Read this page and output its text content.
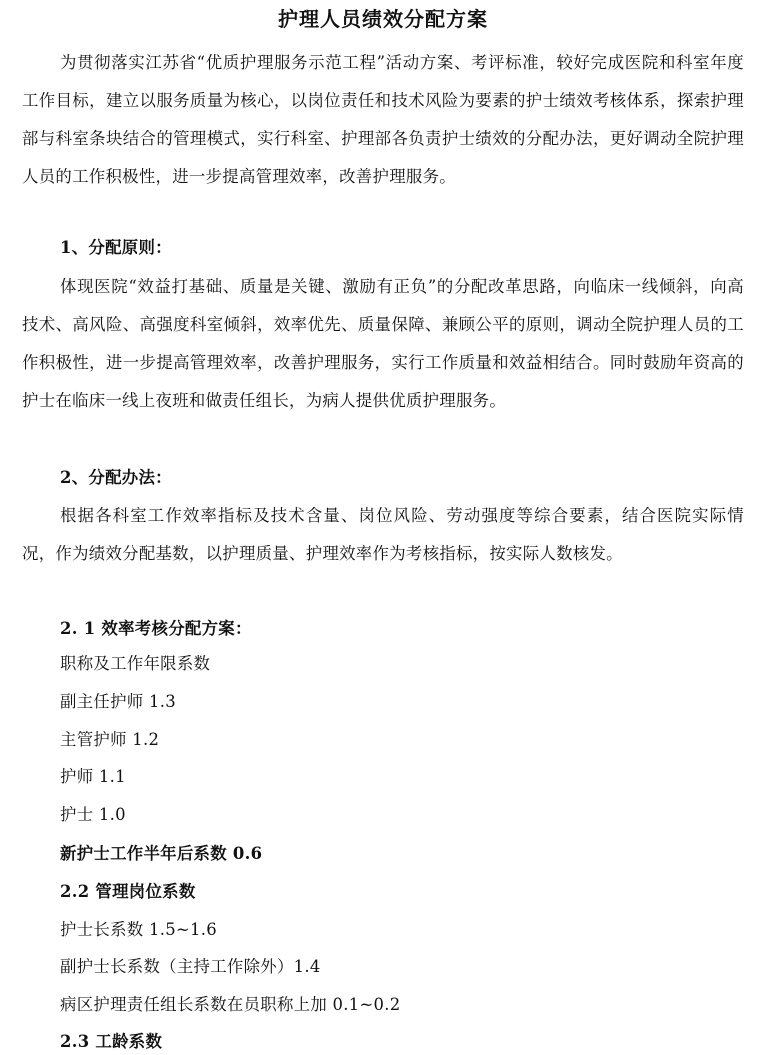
护理人员绩效分配方案

为贯彻落实江苏省“优质护理服务示范工程”活动方案、考评标准，较好完成医院和科室年度工作目标，建立以服务质量为核心，以岗位责任和技术风险为要素的护士绩效考核体系，探索护理部与科室条块结合的管理模式，实行科室、护理部各负责护士绩效的分配办法，更好调动全院护理人员的工作积极性，进一步提高管理效率，改善护理服务。

1、分配原则：

体现医院“效益打基础、质量是关键、激励有正负”的分配改革思路，向临床一线倾斜，向高技术、高风险、高强度科室倾斜，效率优先、质量保障、兼顾公平的原则，调动全院护理人员的工作积极性，进一步提高管理效率，改善护理服务，实行工作质量和效益相结合。同时鼓励年资高的护士在临床一线上夜班和做责任组长，为病人提供优质护理服务。

2、分配办法：

根据各科室工作效率指标及技术含量、岗位风险、劳动强度等综合要素，结合医院实际情况，作为绩效分配基数，以护理质量、护理效率作为考核指标，按实际人数核发。

2. 1 效率考核分配方案：

职称及工作年限系数

副主任护师 1.3

主管护师 1.2

护师 1.1

护士 1.0

新护士工作半年后系数 0.6

2.2 管理岗位系数

护士长系数 1.5~1.6

副护士长系数（主持工作除外）1.4

病区护理责任组长系数在员职称上加 0.1~0.2

2.3 工龄系数
